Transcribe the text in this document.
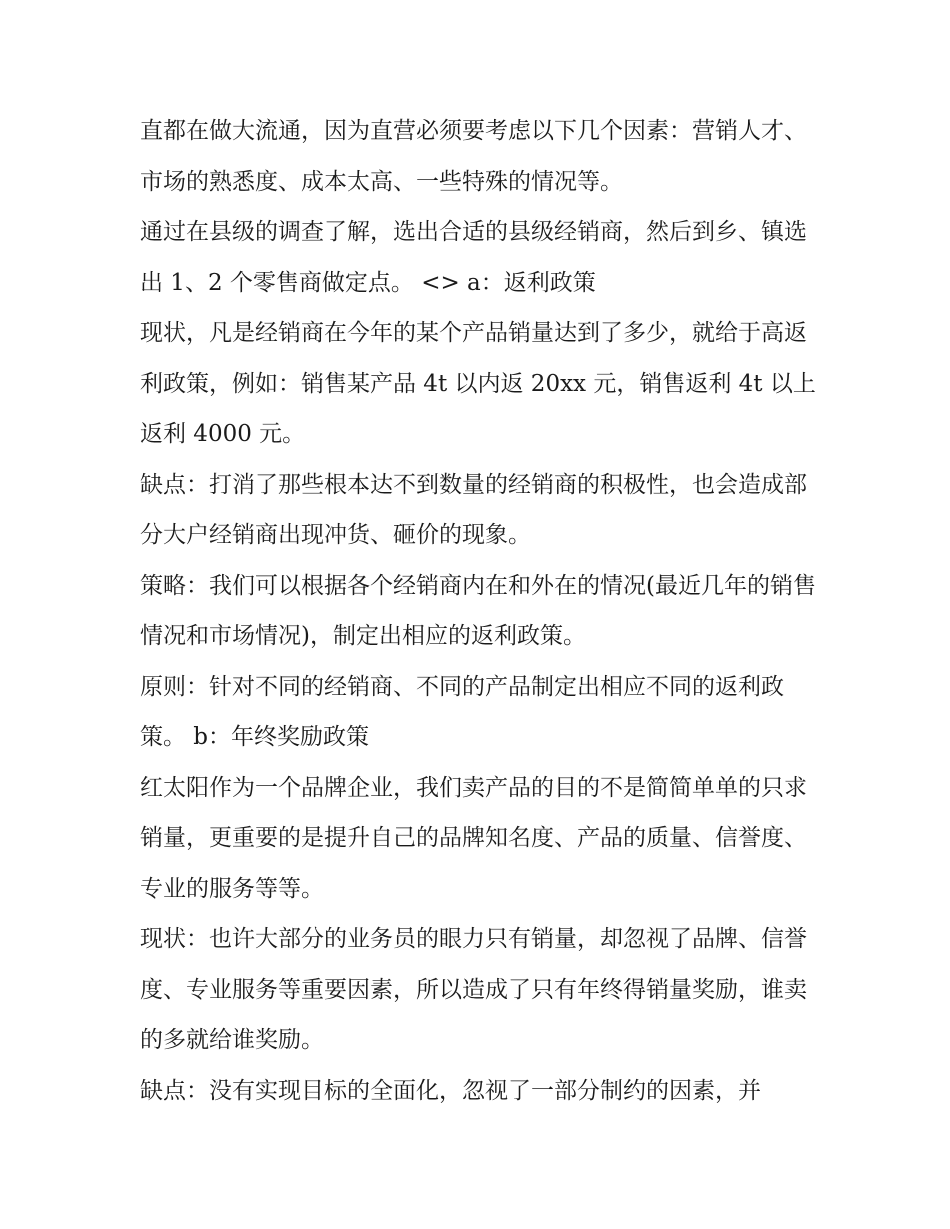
直都在做大流通，因为直营必须要考虑以下几个因素：营销人才、市场的熟悉度、成本太高、一些特殊的情况等。

通过在县级的调查了解，选出合适的县级经销商，然后到乡、镇选出 1、2 个零售商做定点。 <> a：返利政策

现状，凡是经销商在今年的某个产品销量达到了多少，就给于高返利政策，例如：销售某产品 4t 以内返 20xx 元，销售返利 4t 以上返利 4000 元。

缺点：打消了那些根本达不到数量的经销商的积极性，也会造成部分大户经销商出现冲货、砸价的现象。

策略：我们可以根据各个经销商内在和外在的情况(最近几年的销售情况和市场情况)，制定出相应的返利政策。

原则：针对不同的经销商、不同的产品制定出相应不同的返利政策。 b：年终奖励政策

红太阳作为一个品牌企业，我们卖产品的目的不是简简单单的只求销量，更重要的是提升自己的品牌知名度、产品的质量、信誉度、专业的服务等等。

现状：也许大部分的业务员的眼力只有销量，却忽视了品牌、信誉度、专业服务等重要因素，所以造成了只有年终得销量奖励，谁卖的多就给谁奖励。

缺点：没有实现目标的全面化，忽视了一部分制约的因素，并
